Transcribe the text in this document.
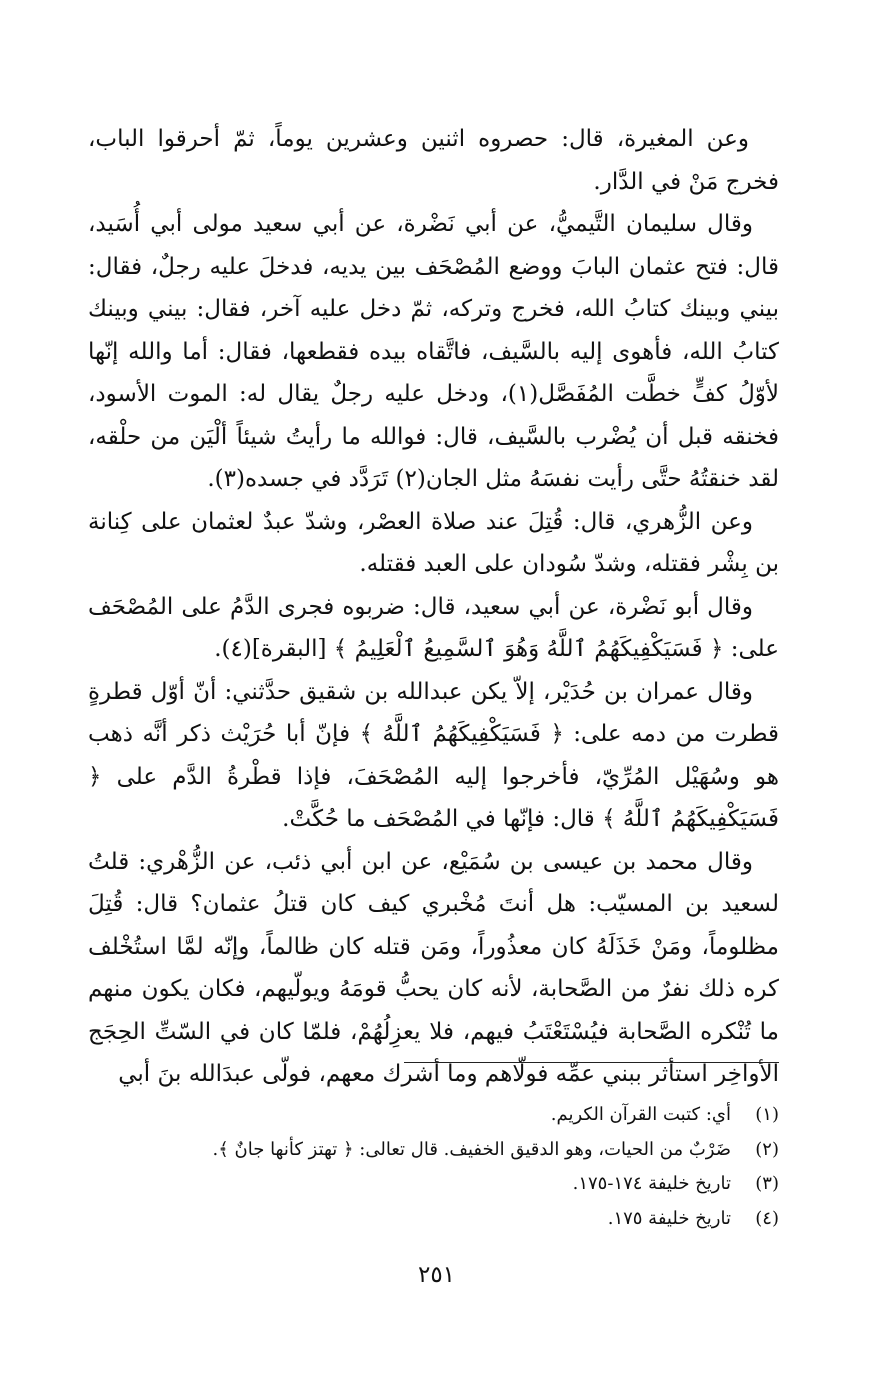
وعن المغيرة، قال: حصروه اثنين وعشرين يوماً، ثمّ أحرقوا الباب، فخرج مَنْ في الدَّار.

وقال سليمان التَّيميُّ، عن أبي نَضْرة، عن أبي سعيد مولى أبي أُسَيد، قال: فتح عثمان البابَ ووضع المُصْحَف بين يديه، فدخلَ عليه رجلٌ، فقال: بيني وبينك كتابُ الله، فخرج وتركه، ثمّ دخل عليه آخر، فقال: بيني وبينك كتابُ الله، فأهوى إليه بالسَّيف، فاتَّقاه بيده فقطعها، فقال: أما والله إنّها لأوّلُ كفٍّ خطَّت المُفَصَّل(١)، ودخل عليه رجلٌ يقال له: الموت الأسود، فخنقه قبل أن يُضْرب بالسَّيف، قال: فوالله ما رأيتُ شيئاً ألْيَن من حلْقه، لقد خنقتُهُ حتَّى رأيت نفسَهُ مثل الجان(٢) تَرَدَّد في جسده(٣).

وعن الزُّهري، قال: قُتِلَ عند صلاة العصْر، وشدّ عبدٌ لعثمان على كِنانة بن بِشْر فقتله، وشدّ سُودان على العبد فقتله.

وقال أبو نَضْرة، عن أبي سعيد، قال: ضربوه فجرى الدَّمُ على المُصْحَف على: ﴿ فَسَيَكْفِيكَهُمُ ٱللَّهُ وَهُوَ ٱلسَّمِيعُ ٱلْعَلِيمُ ﴾ [البقرة](٤).

وقال عمران بن حُدَيْر، إلاّ يكن عبدالله بن شقيق حدَّثني: أنّ أوّل قطرةٍ قطرت من دمه على: ﴿ فَسَيَكْفِيكَهُمُ ٱللَّهُ ﴾ فإنّ أبا حُرَيْث ذكر أنَّه ذهب هو وسُهَيْل المُرِّيّ، فأخرجوا إليه المُصْحَفَ، فإذا قطْرةُ الدَّم على ﴿ فَسَيَكْفِيكَهُمُ ٱللَّهُ ﴾ قال: فإنّها في المُصْحَف ما حُكَّتْ.

وقال محمد بن عيسى بن سُمَيْع، عن ابن أبي ذئب، عن الزُّهْري: قلتُ لسعيد بن المسيّب: هل أنتَ مُخْبري كيف كان قتلُ عثمان؟ قال: قُتِلَ مظلوماً، ومَنْ خَذَلَهُ كان معذُوراً، ومَن قتله كان ظالماً، وإنّه لمَّا استُخْلف كره ذلك نفرٌ من الصَّحابة، لأنه كان يحبُّ قومَهُ ويولّيهم، فكان يكون منهم ما تُنْكره الصَّحابة فيُسْتَعْتَبُ فيهم، فلا يعزِلُهُمْ، فلمّا كان في السّتِّ الحِجَج الأواخِر استأثر ببني عمِّه فولّاهم وما أشرك معهم، فولّى عبدَالله بنَ أبي

(١)
أي: كتبت القرآن الكريم.
(٢)
ضَرْبٌ من الحيات، وهو الدقيق الخفيف. قال تعالى: ﴿ تهتز كأنها جانٌ ﴾.
(٣)
تاريخ خليفة ١٧٤-١٧٥.
(٤)
تاريخ خليفة ١٧٥.
٢٥١
